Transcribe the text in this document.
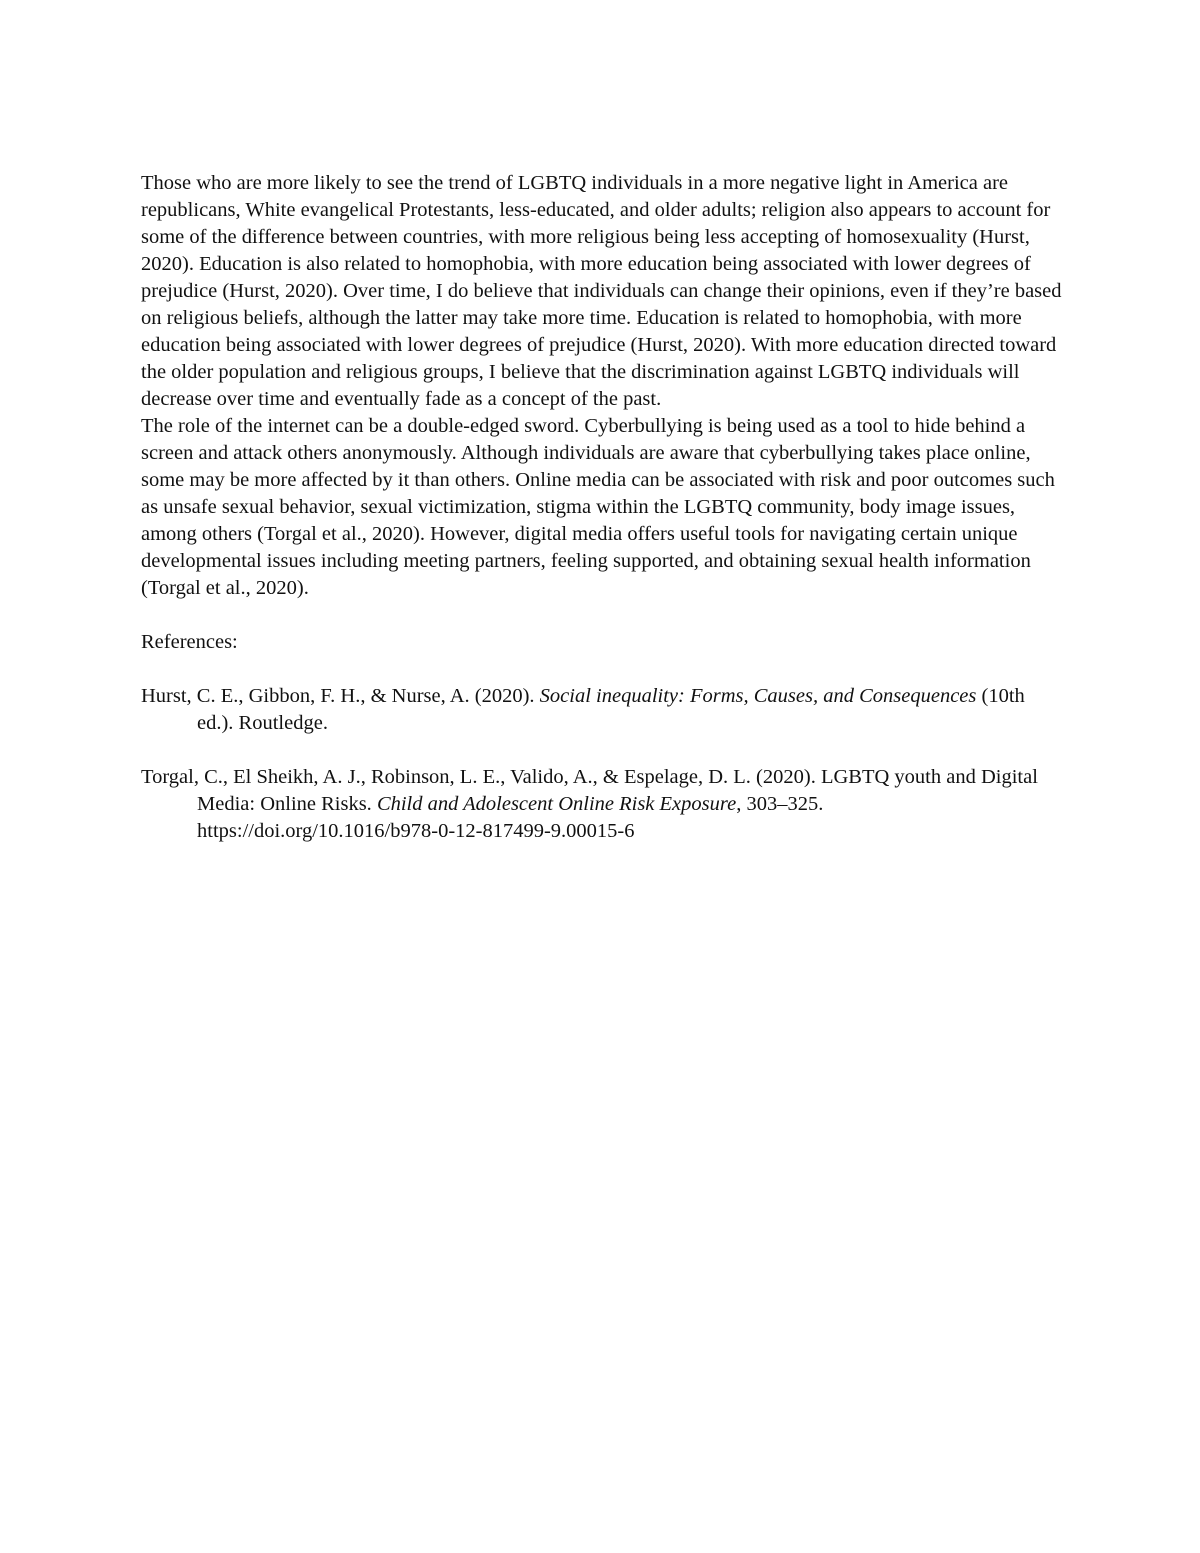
Those who are more likely to see the trend of LGBTQ individuals in a more negative light in America are republicans, White evangelical Protestants, less-educated, and older adults; religion also appears to account for some of the difference between countries, with more religious being less accepting of homosexuality (Hurst, 2020). Education is also related to homophobia, with more education being associated with lower degrees of prejudice (Hurst, 2020). Over time, I do believe that individuals can change their opinions, even if they’re based on religious beliefs, although the latter may take more time. Education is related to homophobia, with more education being associated with lower degrees of prejudice (Hurst, 2020). With more education directed toward the older population and religious groups, I believe that the discrimination against LGBTQ individuals will decrease over time and eventually fade as a concept of the past.

The role of the internet can be a double-edged sword. Cyberbullying is being used as a tool to hide behind a screen and attack others anonymously. Although individuals are aware that cyberbullying takes place online, some may be more affected by it than others. Online media can be associated with risk and poor outcomes such as unsafe sexual behavior, sexual victimization, stigma within the LGBTQ community, body image issues, among others (Torgal et al., 2020). However, digital media offers useful tools for navigating certain unique developmental issues including meeting partners, feeling supported, and obtaining sexual health information (Torgal et al., 2020).

References:

Hurst, C. E., Gibbon, F. H., & Nurse, A. (2020). Social inequality: Forms, Causes, and Consequences (10th ed.). Routledge.

Torgal, C., El Sheikh, A. J., Robinson, L. E., Valido, A., & Espelage, D. L. (2020). LGBTQ youth and Digital Media: Online Risks. Child and Adolescent Online Risk Exposure, 303–325. https://doi.org/10.1016/b978-0-12-817499-9.00015-6
